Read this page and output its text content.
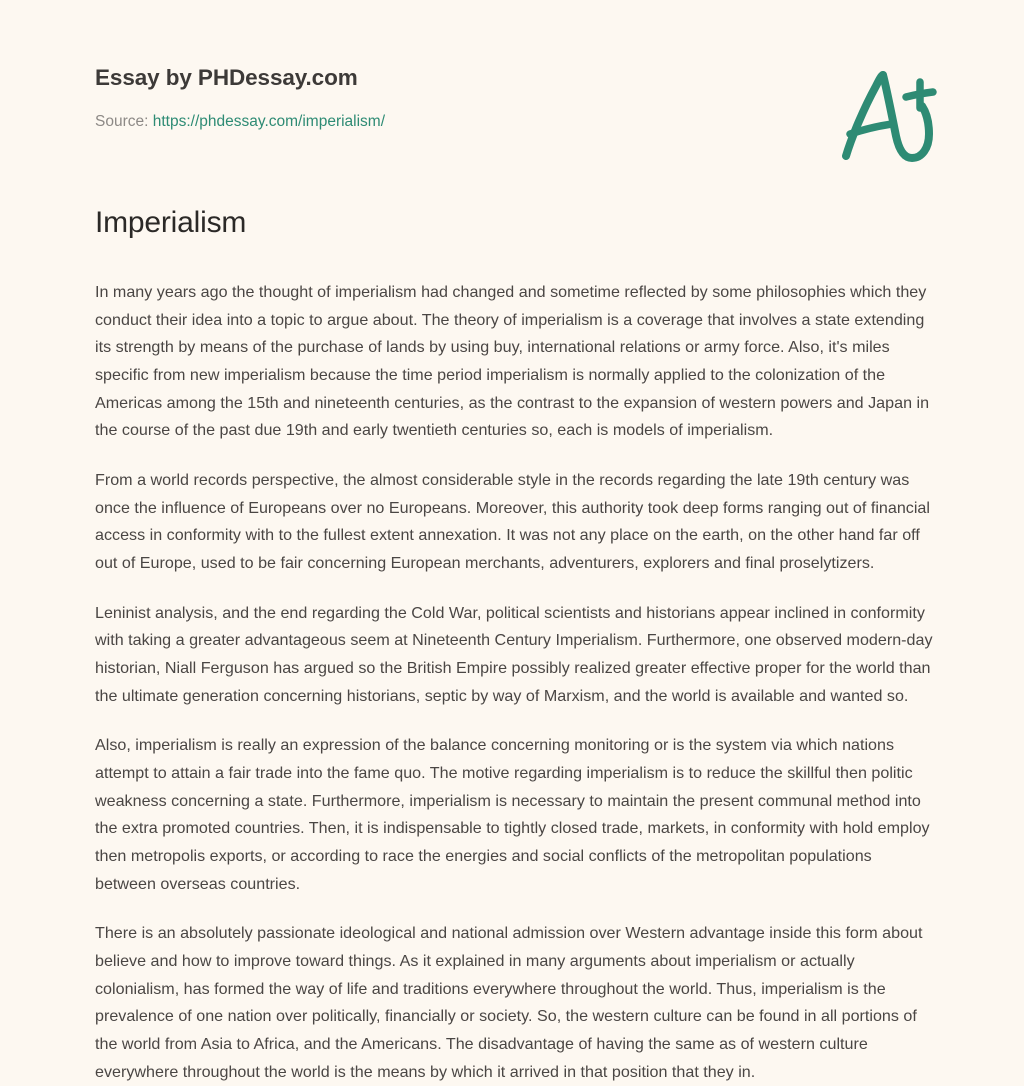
Essay by PHDessay.com
Source: https://phdessay.com/imperialism/
Imperialism

In many years ago the thought of imperialism had changed and sometime reflected by some philosophies which they conduct their idea into a topic to argue about. The theory of imperialism is a coverage that involves a state extending its strength by means of the purchase of lands by using buy, international relations or army force. Also, it's miles specific from new imperialism because the time period imperialism is normally applied to the colonization of the Americas among the 15th and nineteenth centuries, as the contrast to the expansion of western powers and Japan in the course of the past due 19th and early twentieth centuries so, each is models of imperialism.

From a world records perspective, the almost considerable style in the records regarding the late 19th century was once the influence of Europeans over no Europeans. Moreover, this authority took deep forms ranging out of financial access in conformity with to the fullest extent annexation. It was not any place on the earth, on the other hand far off out of Europe, used to be fair concerning European merchants, adventurers, explorers and final proselytizers.

Leninist analysis, and the end regarding the Cold War, political scientists and historians appear inclined in conformity with taking a greater advantageous seem at Nineteenth Century Imperialism. Furthermore, one observed modern-day historian, Niall Ferguson has argued so the British Empire possibly realized greater effective proper for the world than the ultimate generation concerning historians, septic by way of Marxism, and the world is available and wanted so.

Also, imperialism is really an expression of the balance concerning monitoring or is the system via which nations attempt to attain a fair trade into the fame quo. The motive regarding imperialism is to reduce the skillful then politic weakness concerning a state. Furthermore, imperialism is necessary to maintain the present communal method into the extra promoted countries. Then, it is indispensable to tightly closed trade, markets, in conformity with hold employ then metropolis exports, or according to race the energies and social conflicts of the metropolitan populations between overseas countries.

There is an absolutely passionate ideological and national admission over Western advantage inside this form about believe and how to improve toward things. As it explained in many arguments about imperialism or actually colonialism, has formed the way of life and traditions everywhere throughout the world. Thus, imperialism is the prevalence of one nation over politically, financially or society. So, the western culture can be found in all portions of the world from Asia to Africa, and the Americans. The disadvantage of having the same as of western culture everywhere throughout the world is the means by which it arrived in that position that they in.
